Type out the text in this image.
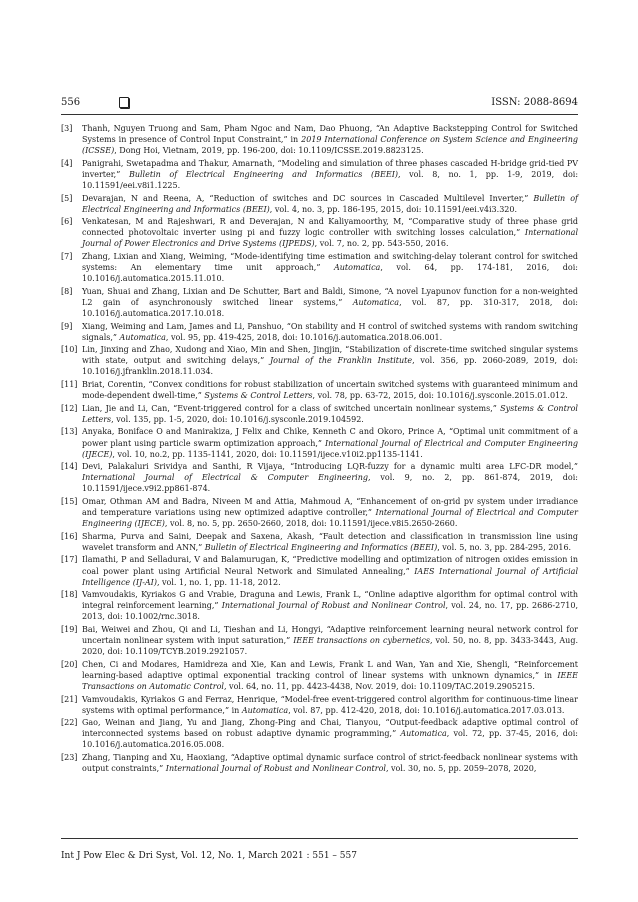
556	ISSN: 2088-8694
[3] Thanh, Nguyen Truong and Sam, Pham Ngoc and Nam, Dao Phuong, “An Adaptive Backstepping Control for Switched Systems in presence of Control Input Constraint,” in 2019 International Conference on System Science and Engineering (ICSSE), Dong Hoi, Vietnam, 2019, pp. 196-200, doi: 10.1109/ICSSE.2019.8823125.
[4] Panigrahi, Swetapadma and Thakur, Amarnath, “Modeling and simulation of three phases cascaded H-bridge grid-tied PV inverter,” Bulletin of Electrical Engineering and Informatics (BEEI), vol. 8, no. 1, pp. 1-9, 2019, doi: 10.11591/eei.v8i1.1225.
[5] Devarajan, N and Reena, A, “Reduction of switches and DC sources in Cascaded Multilevel Inverter,” Bulletin of Electrical Engineering and Informatics (BEEI), vol. 4, no. 3, pp. 186-195, 2015, doi: 10.11591/eei.v4i3.320.
[6] Venkatesan, M and Rajeshwari, R and Deverajan, N and Kaliyamoorthy, M, “Comparative study of three phase grid connected photovoltaic inverter using pi and fuzzy logic controller with switching losses calculation,” International Journal of Power Electronics and Drive Systems (IJPEDS), vol. 7, no. 2, pp. 543-550, 2016.
[7] Zhang, Lixian and Xiang, Weiming, “Mode-identifying time estimation and switching-delay tolerant control for switched systems: An elementary time unit approach,” Automatica, vol. 64, pp. 174-181, 2016, doi: 10.1016/j.automatica.2015.11.010.
[8] Yuan, Shuai and Zhang, Lixian and De Schutter, Bart and Baldi, Simone, “A novel Lyapunov function for a non-weighted L2 gain of asynchronously switched linear systems,” Automatica, vol. 87, pp. 310-317, 2018, doi: 10.1016/j.automatica.2017.10.018.
[9] Xiang, Weiming and Lam, James and Li, Panshuo, “On stability and H control of switched systems with random switching signals,” Automatica, vol. 95, pp. 419-425, 2018, doi: 10.1016/j.automatica.2018.06.001.
[10] Lin, Jinxing and Zhao, Xudong and Xiao, Min and Shen, Jingjin, “Stabilization of discrete-time switched singular systems with state, output and switching delays,” Journal of the Franklin Institute, vol. 356, pp. 2060-2089, 2019, doi: 10.1016/j.jfranklin.2018.11.034.
[11] Briat, Corentin, “Convex conditions for robust stabilization of uncertain switched systems with guaranteed minimum and mode-dependent dwell-time,” Systems & Control Letters, vol. 78, pp. 63-72, 2015, doi: 10.1016/j.sysconle.2015.01.012.
[12] Lian, Jie and Li, Can, “Event-triggered control for a class of switched uncertain nonlinear systems,” Systems & Control Letters, vol. 135, pp. 1-5, 2020, doi: 10.1016/j.sysconle.2019.104592.
[13] Anyaka, Boniface O and Manirakiza, J Felix and Chike, Kenneth C and Okoro, Prince A, “Optimal unit commitment of a power plant using particle swarm optimization approach,” International Journal of Electrical and Computer Engineering (IJECE), vol. 10, no.2, pp. 1135-1141, 2020, doi: 10.11591/ijece.v10i2.pp1135-1141.
[14] Devi, Palakaluri Srividya and Santhi, R Vijaya, “Introducing LQR-fuzzy for a dynamic multi area LFC-DR model,” International Journal of Electrical & Computer Engineering, vol. 9, no. 2, pp. 861-874, 2019, doi: 10.11591/ijece.v9i2.pp861-874.
[15] Omar, Othman AM and Badra, Niveen M and Attia, Mahmoud A, “Enhancement of on-grid pv system under irradiance and temperature variations using new optimized adaptive controller,” International Journal of Electrical and Computer Engineering (IJECE), vol. 8, no. 5, pp. 2650-2660, 2018, doi: 10.11591/ijece.v8i5.2650-2660.
[16] Sharma, Purva and Saini, Deepak and Saxena, Akash, “Fault detection and classification in transmission line using wavelet transform and ANN,” Bulletin of Electrical Engineering and Informatics (BEEI), vol. 5, no. 3, pp. 284-295, 2016.
[17] Ilamathi, P and Selladurai, V and Balamurugan, K, “Predictive modelling and optimization of nitrogen oxides emission in coal power plant using Artificial Neural Network and Simulated Annealing,” IAES International Journal of Artificial Intelligence (IJ-AI), vol. 1, no. 1, pp. 11-18, 2012.
[18] Vamvoudakis, Kyriakos G and Vrabie, Draguna and Lewis, Frank L, “Online adaptive algorithm for optimal control with integral reinforcement learning,” International Journal of Robust and Nonlinear Control, vol. 24, no. 17, pp. 2686-2710, 2013, doi: 10.1002/rnc.3018.
[19] Bai, Weiwei and Zhou, Qi and Li, Tieshan and Li, Hongyi, “Adaptive reinforcement learning neural network control for uncertain nonlinear system with input saturation,” IEEE transactions on cybernetics, vol. 50, no. 8, pp. 3433-3443, Aug. 2020, doi: 10.1109/TCYB.2019.2921057.
[20] Chen, Ci and Modares, Hamidreza and Xie, Kan and Lewis, Frank L and Wan, Yan and Xie, Shengli, “Reinforcement learning-based adaptive optimal exponential tracking control of linear systems with unknown dynamics,” in IEEE Transactions on Automatic Control, vol. 64, no. 11, pp. 4423-4438, Nov. 2019, doi: 10.1109/TAC.2019.2905215.
[21] Vamvoudakis, Kyriakos G and Ferraz, Henrique, “Model-free event-triggered control algorithm for continuous-time linear systems with optimal performance,” in Automatica, vol. 87, pp. 412-420, 2018, doi: 10.1016/j.automatica.2017.03.013.
[22] Gao, Weinan and Jiang, Yu and Jiang, Zhong-Ping and Chai, Tianyou, “Output-feedback adaptive optimal control of interconnected systems based on robust adaptive dynamic programming,” Automatica, vol. 72, pp. 37-45, 2016, doi: 10.1016/j.automatica.2016.05.008.
[23] Zhang, Tianping and Xu, Haoxiang, “Adaptive optimal dynamic surface control of strict-feedback nonlinear systems with output constraints,” International Journal of Robust and Nonlinear Control, vol. 30, no. 5, pp. 2059–2078, 2020,
Int J Pow Elec & Dri Syst, Vol. 12, No. 1, March 2021 : 551 – 557
